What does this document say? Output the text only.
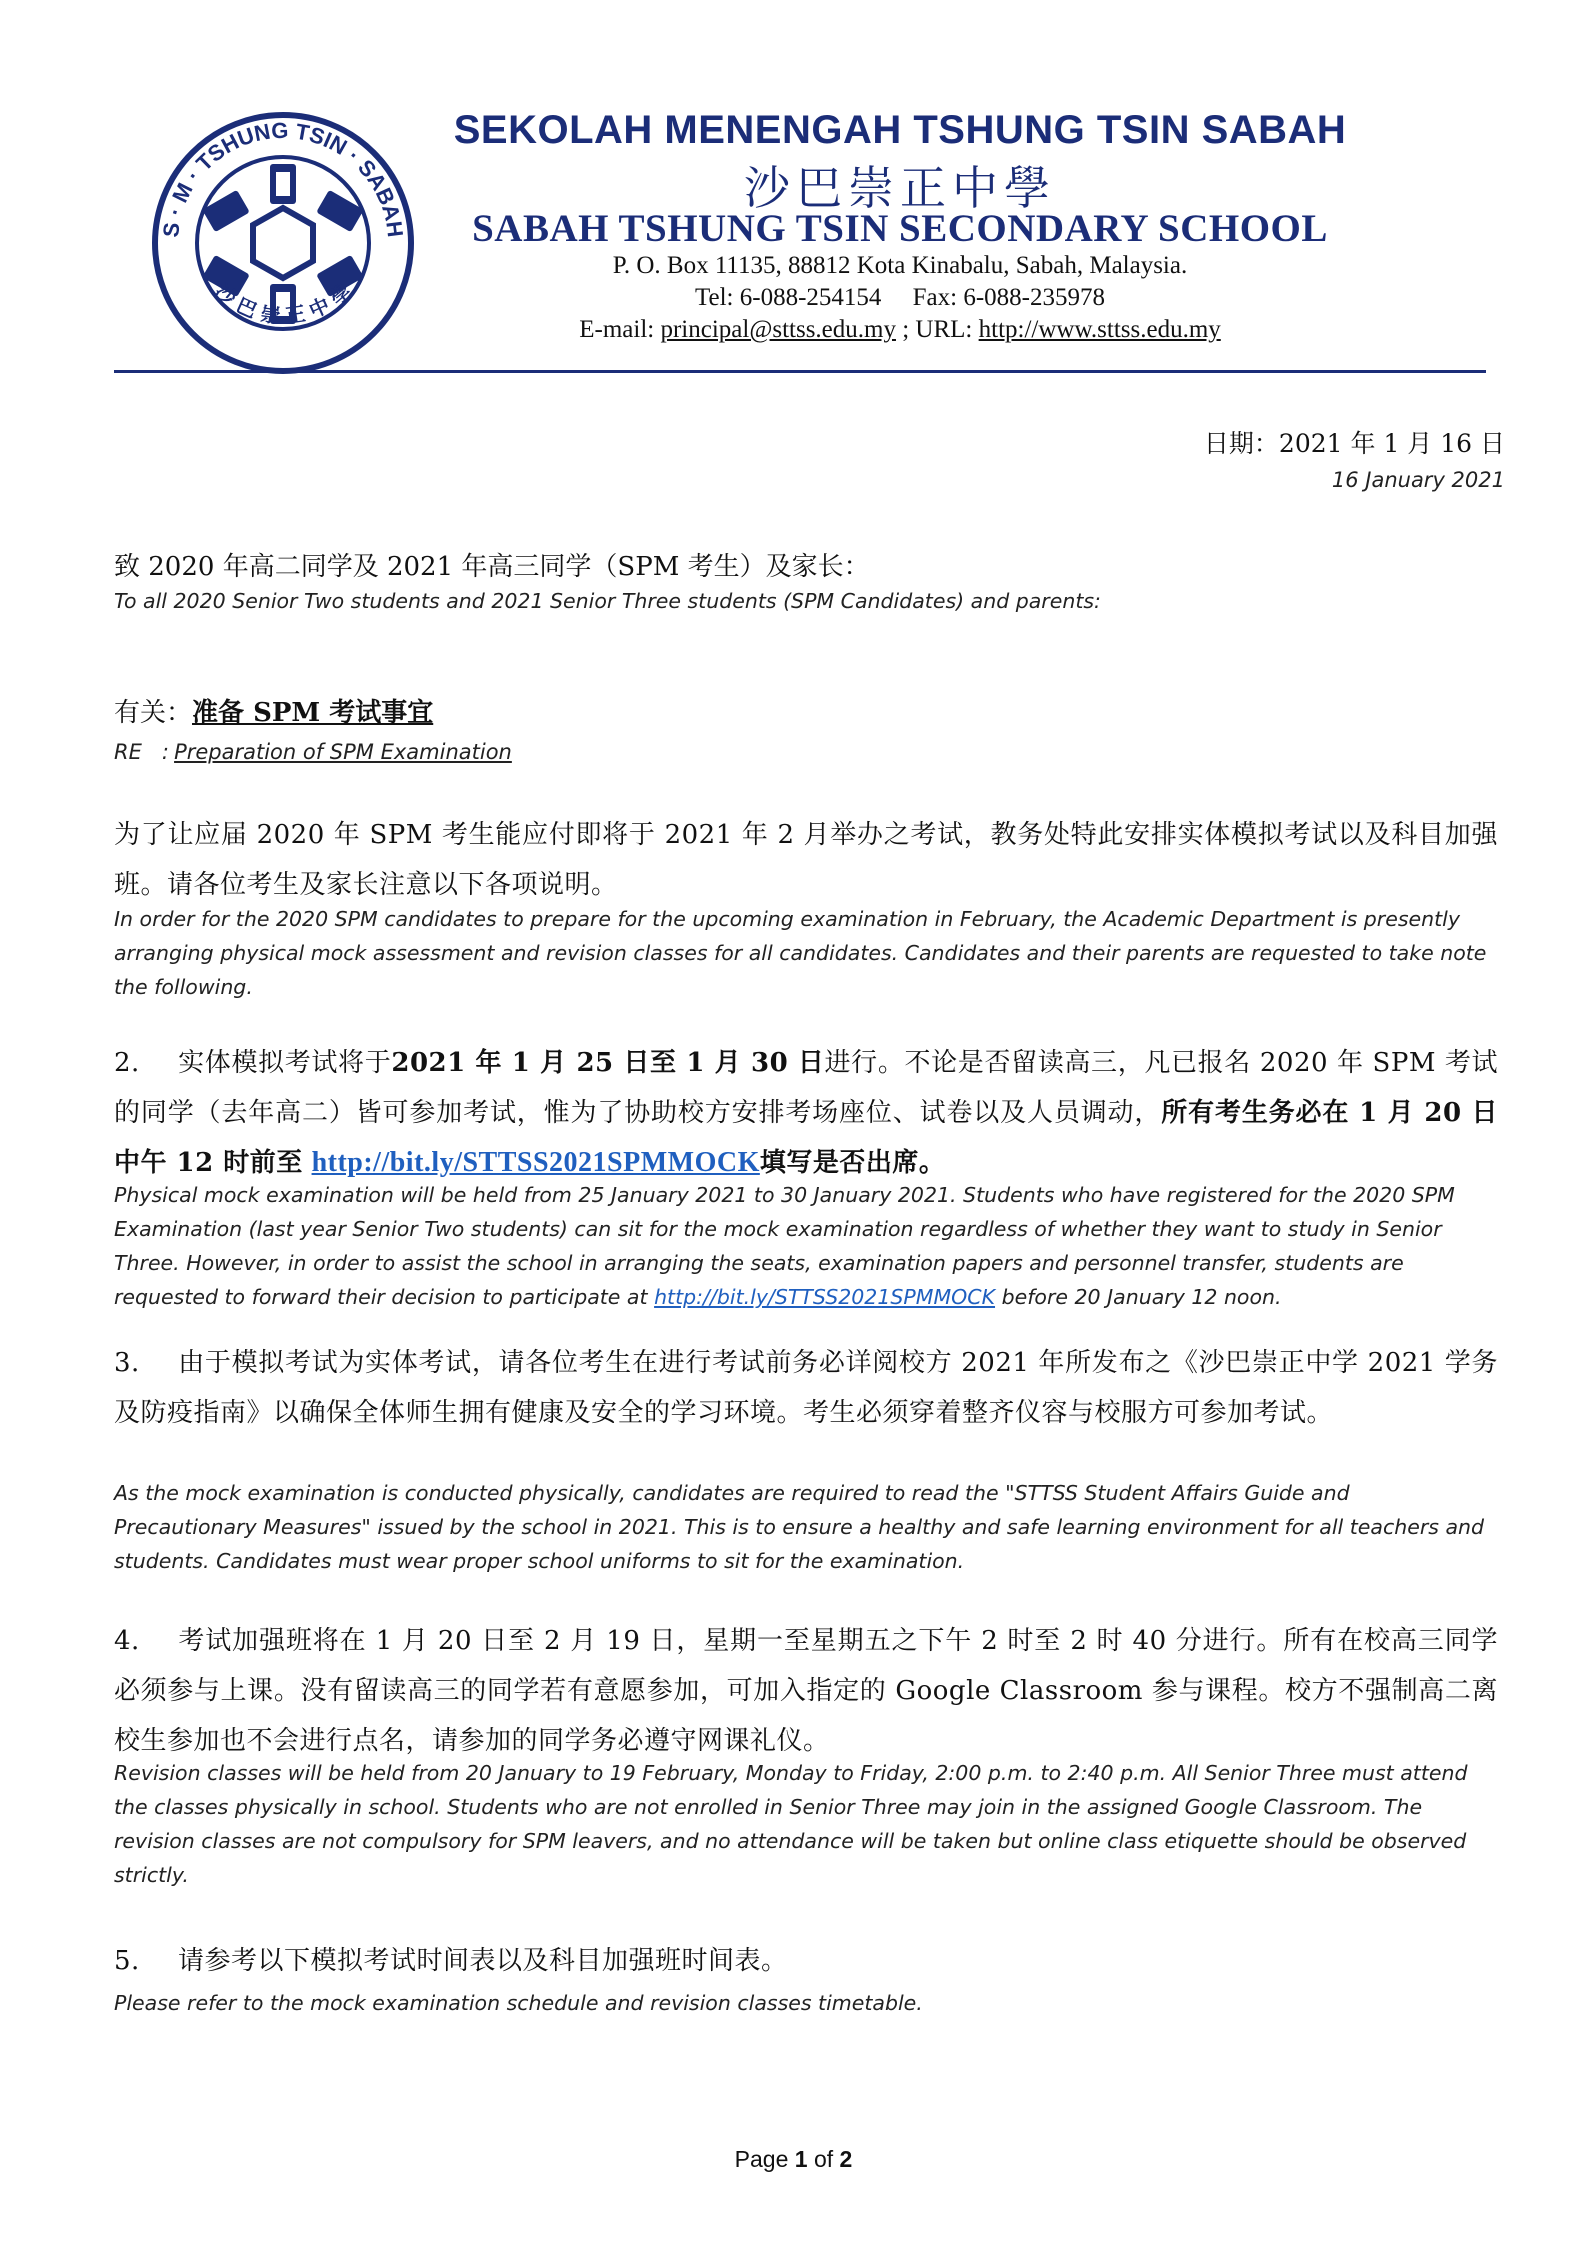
S · M · TSHUNG TSIN · SABAH
沙 巴 崇 正 中 學
SEKOLAH MENENGAH TSHUNG TSIN SABAH
沙巴崇正中學
SABAH TSHUNG TSIN SECONDARY SCHOOL
P. O. Box 11135, 88812 Kota Kinabalu, Sabah, Malaysia.
Tel: 6-088-254154 Fax: 6-088-235978
E-mail: principal@sttss.edu.my ; URL: http://www.sttss.edu.my
日期：2021 年 1 月 16 日
16 January 2021
致 2020 年高二同学及 2021 年高三同学（SPM 考生）及家长：
To all 2020 Senior Two students and 2021 Senior Three students (SPM Candidates) and parents:
有关：准备 SPM 考试事宜
RE   : Preparation of SPM Examination
为了让应届 2020 年 SPM 考生能应付即将于 2021 年 2 月举办之考试，教务处特此安排实体模拟考试以及科目加强班。请各位考生及家长注意以下各项说明。
In order for the 2020 SPM candidates to prepare for the upcoming examination in February, the Academic Department is presently arranging physical mock assessment and revision classes for all candidates. Candidates and their parents are requested to take note the following.
2. 实体模拟考试将于2021 年 1 月 25 日至 1 月 30 日进行。不论是否留读高三，凡已报名 2020 年 SPM 考试的同学（去年高二）皆可参加考试，惟为了协助校方安排考场座位、试卷以及人员调动，所有考生务必在 1 月 20 日中午 12 时前至 http://bit.ly/STTSS2021SPMMOCK填写是否出席。
Physical mock examination will be held from 25 January 2021 to 30 January 2021. Students who have registered for the 2020 SPM Examination (last year Senior Two students) can sit for the mock examination regardless of whether they want to study in Senior Three. However, in order to assist the school in arranging the seats, examination papers and personnel transfer, students are requested to forward their decision to participate at http://bit.ly/STTSS2021SPMMOCK before 20 January 12 noon.
3. 由于模拟考试为实体考试，请各位考生在进行考试前务必详阅校方 2021 年所发布之《沙巴崇正中学 2021 学务及防疫指南》以确保全体师生拥有健康及安全的学习环境。考生必须穿着整齐仪容与校服方可参加考试。
As the mock examination is conducted physically, candidates are required to read the "STTSS Student Affairs Guide and Precautionary Measures" issued by the school in 2021. This is to ensure a healthy and safe learning environment for all teachers and students. Candidates must wear proper school uniforms to sit for the examination.
4. 考试加强班将在 1 月 20 日至 2 月 19 日，星期一至星期五之下午 2 时至 2 时 40 分进行。所有在校高三同学必须参与上课。没有留读高三的同学若有意愿参加，可加入指定的 Google Classroom 参与课程。校方不强制高二离校生参加也不会进行点名，请参加的同学务必遵守网课礼仪。
Revision classes will be held from 20 January to 19 February, Monday to Friday, 2:00 p.m. to 2:40 p.m. All Senior Three must attend the classes physically in school. Students who are not enrolled in Senior Three may join in the assigned Google Classroom. The revision classes are not compulsory for SPM leavers, and no attendance will be taken but online class etiquette should be observed strictly.
5. 请参考以下模拟考试时间表以及科目加强班时间表。
Please refer to the mock examination schedule and revision classes timetable.
Page 1 of 2
